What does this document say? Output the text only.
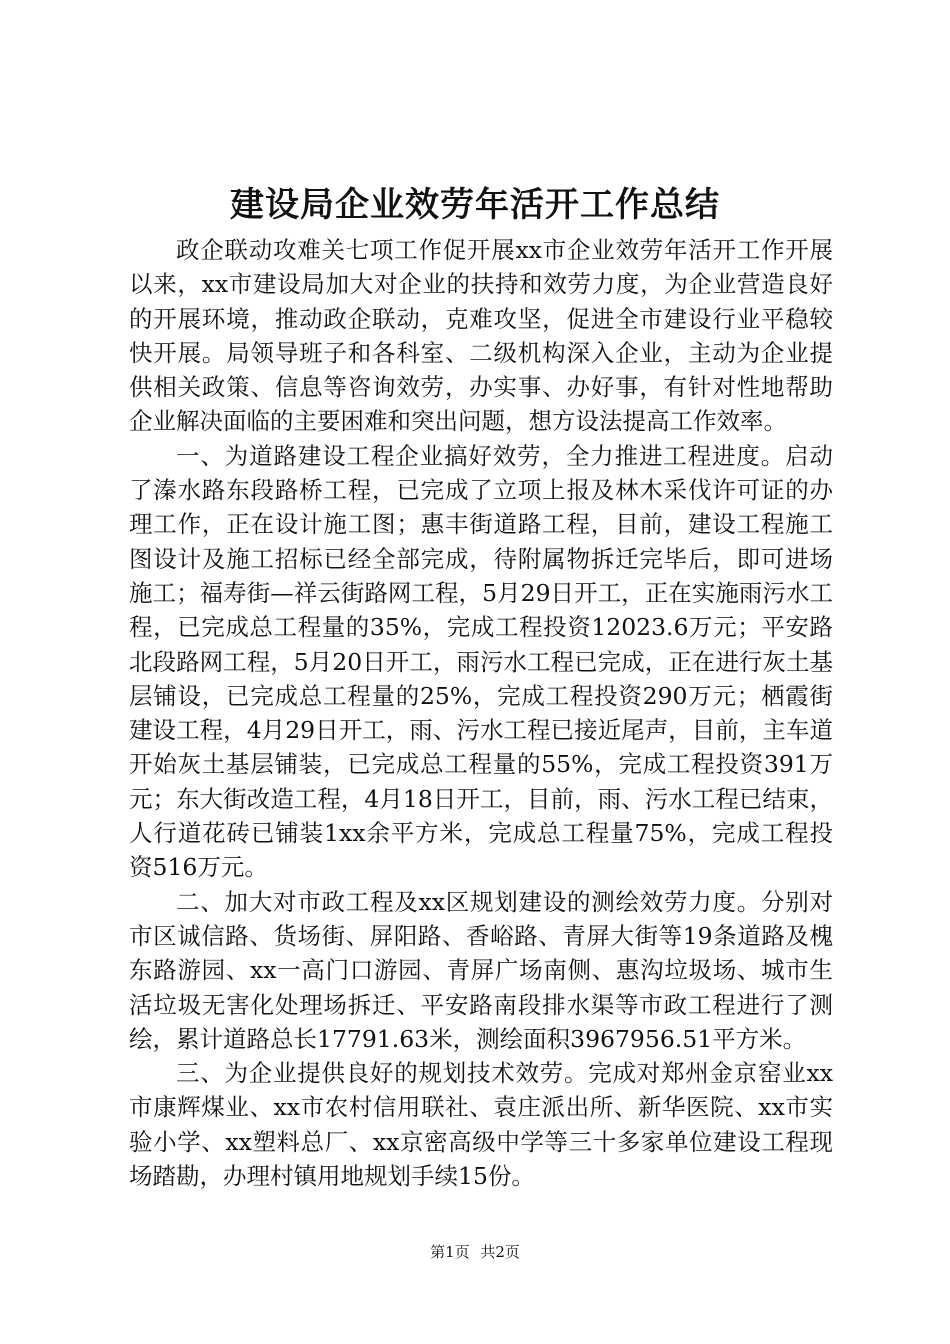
建设局企业效劳年活开工作总结

政企联动攻难关七项工作促开展xx市企业效劳年活开工作开展以来，xx市建设局加大对企业的扶持和效劳力度，为企业营造良好的开展环境，推动政企联动，克难攻坚，促进全市建设行业平稳较快开展。局领导班子和各科室、二级机构深入企业，主动为企业提供相关政策、信息等咨询效劳，办实事、办好事，有针对性地帮助企业解决面临的主要困难和突出问题，想方设法提高工作效率。

一、为道路建设工程企业搞好效劳，全力推进工程进度。启动了溱水路东段路桥工程，已完成了立项上报及林木采伐许可证的办理工作，正在设计施工图；惠丰街道路工程，目前，建设工程施工图设计及施工招标已经全部完成，待附属物拆迁完毕后，即可进场施工；福寿街—祥云街路网工程，5月29日开工，正在实施雨污水工程，已完成总工程量的35%，完成工程投资12023.6万元；平安路北段路网工程，5月20日开工，雨污水工程已完成，正在进行灰土基层铺设，已完成总工程量的25%，完成工程投资290万元；栖霞街建设工程，4月29日开工，雨、污水工程已接近尾声，目前，主车道开始灰土基层铺装，已完成总工程量的55%，完成工程投资391万元；东大街改造工程，4月18日开工，目前，雨、污水工程已结束，人行道花砖已铺装1xx余平方米，完成总工程量75%，完成工程投资516万元。

二、加大对市政工程及xx区规划建设的测绘效劳力度。分别对市区诚信路、货场街、屏阳路、香峪路、青屏大街等19条道路及槐东路游园、xx一高门口游园、青屏广场南侧、惠沟垃圾场、城市生活垃圾无害化处理场拆迁、平安路南段排水渠等市政工程进行了测绘，累计道路总长17791.63米，测绘面积3967956.51平方米。

三、为企业提供良好的规划技术效劳。完成对郑州金京窑业xx市康辉煤业、xx市农村信用联社、袁庄派出所、新华医院、xx市实验小学、xx塑料总厂、xx京密高级中学等三十多家单位建设工程现场踏勘，办理村镇用地规划手续15份。

第1页 共2页
